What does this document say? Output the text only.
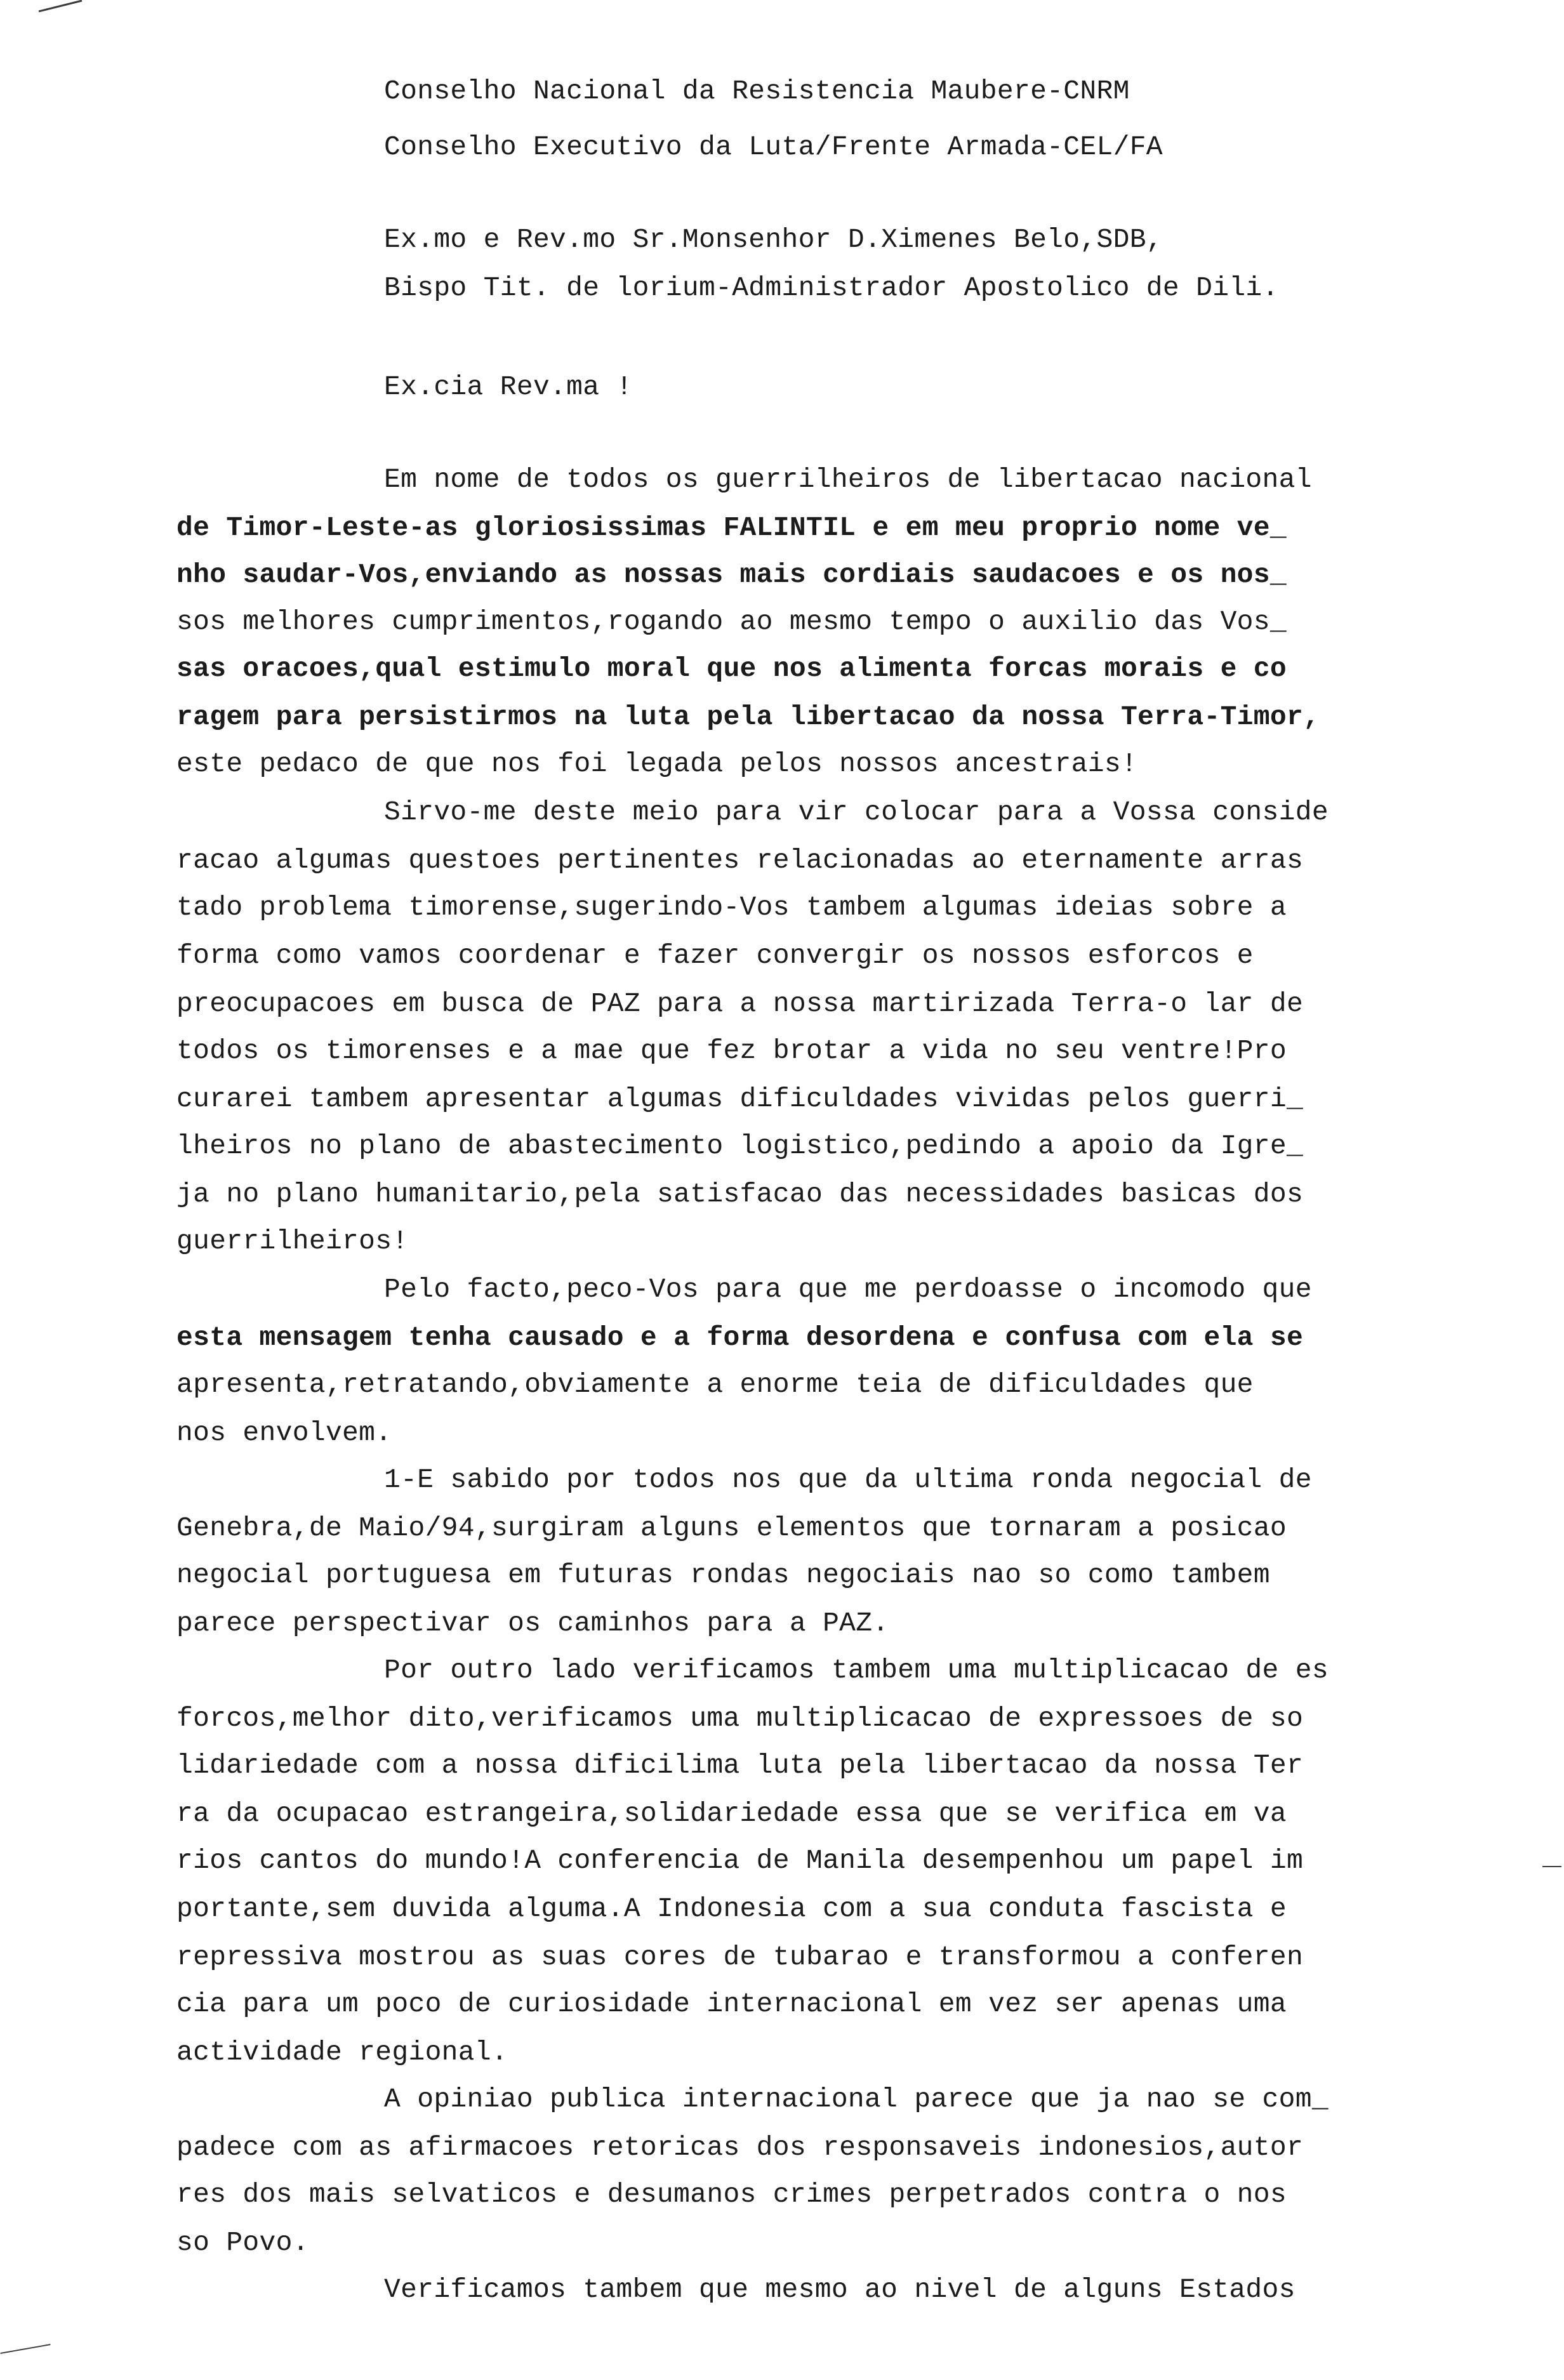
Conselho Nacional da Resistencia Maubere-CNRM
Conselho Executivo da Luta/Frente Armada-CEL/FA
Ex.mo e Rev.mo Sr.Monsenhor D.Ximenes Belo,SDB,
Bispo Tit. de lorium-Administrador Apostolico de Dili.
Ex.cia Rev.ma !
Em nome de todos os guerrilheiros de libertacao nacional
de Timor-Leste-as gloriosissimas FALINTIL e em meu proprio nome ve_
nho saudar-Vos,enviando as nossas mais cordiais saudacoes e os nos_
sos melhores cumprimentos,rogando ao mesmo tempo o auxilio das Vos_
sas oracoes,qual estimulo moral que nos alimenta forcas morais e co
ragem para persistirmos na luta pela libertacao da nossa Terra-Timor,
este pedaco de que nos foi legada pelos nossos ancestrais!
Sirvo-me deste meio para vir colocar para a Vossa conside
racao algumas questoes pertinentes relacionadas ao eternamente arras
tado problema timorense,sugerindo-Vos tambem algumas ideias sobre a
forma como vamos coordenar e fazer convergir os nossos esforcos e
preocupacoes em busca de PAZ para a nossa martirizada Terra-o lar de
todos os timorenses e a mae que fez brotar a vida no seu ventre!Pro
curarei tambem apresentar algumas dificuldades vividas pelos guerri_
lheiros no plano de abastecimento logistico,pedindo a apoio da Igre_
ja no plano humanitario,pela satisfacao das necessidades basicas dos
guerrilheiros!
Pelo facto,peco-Vos para que me perdoasse o incomodo que
esta mensagem tenha causado e a forma desordena e confusa com ela se
apresenta,retratando,obviamente a enorme teia de dificuldades que
nos envolvem.
1-E sabido por todos nos que da ultima ronda negocial de
Genebra,de Maio/94,surgiram alguns elementos que tornaram a posicao
negocial portuguesa em futuras rondas negociais nao so como tambem
parece perspectivar os caminhos para a PAZ.
Por outro lado verificamos tambem uma multiplicacao de es
forcos,melhor dito,verificamos uma multiplicacao de expressoes de so
lidariedade com a nossa dificilima luta pela libertacao da nossa Ter
ra da ocupacao estrangeira,solidariedade essa que se verifica em va
rios cantos do mundo!A conferencia de Manila desempenhou um papel im
portante,sem duvida alguma.A Indonesia com a sua conduta fascista e
repressiva mostrou as suas cores de tubarao e transformou a conferen
cia para um poco de curiosidade internacional em vez ser apenas uma
actividade regional.
A opiniao publica internacional parece que ja nao se com_
padece com as afirmacoes retoricas dos responsaveis indonesios,autor
res dos mais selvaticos e desumanos crimes perpetrados contra o nos
so Povo.
Verificamos tambem que mesmo ao nivel de alguns Estados
